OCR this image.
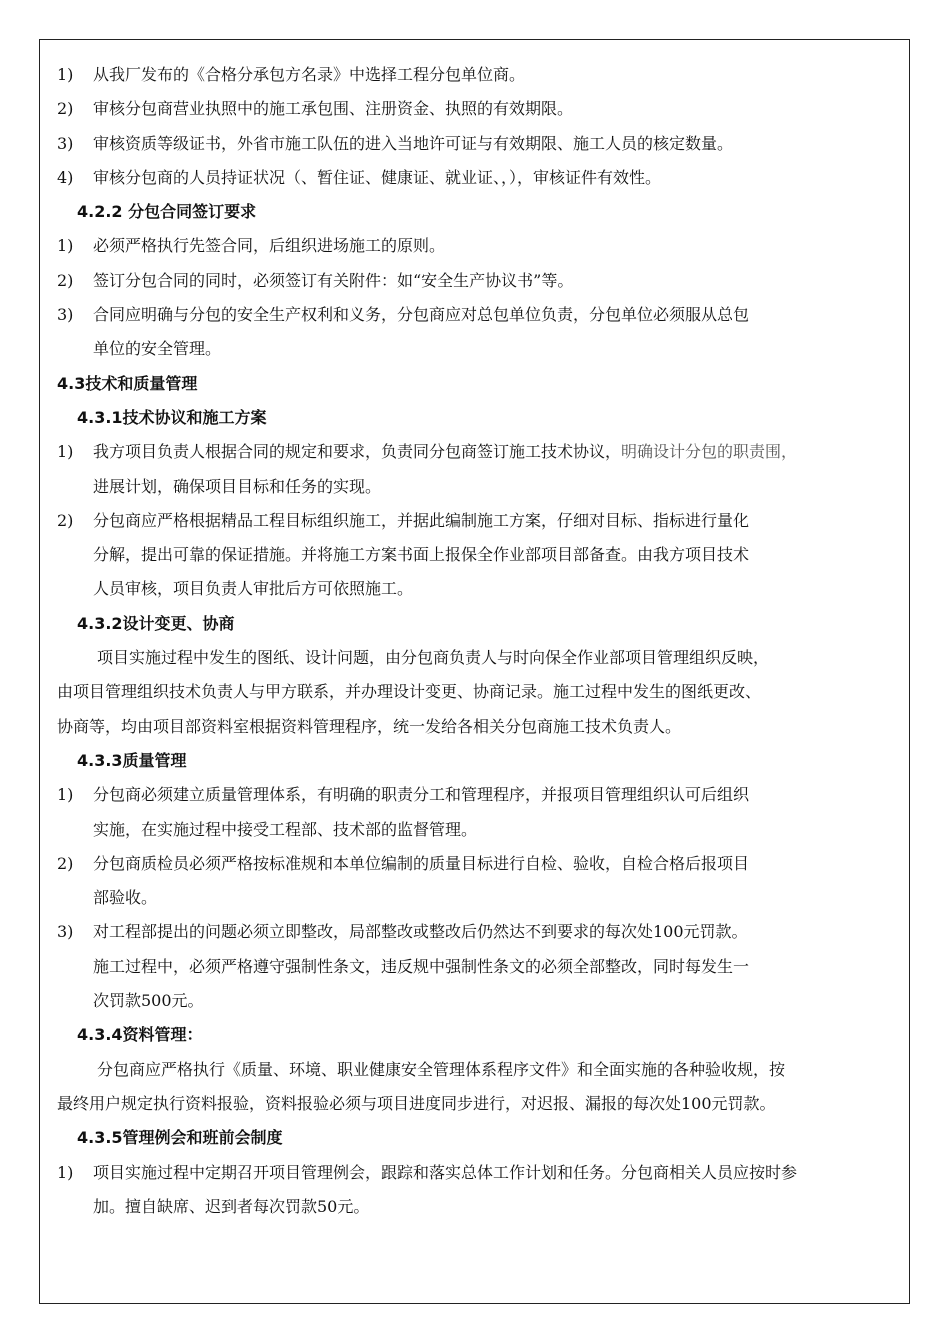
1)	从我厂发布的《合格分承包方名录》中选择工程分包单位商。
2)	审核分包商营业执照中的施工承包围、注册资金、执照的有效期限。
3)	审核资质等级证书，外省市施工队伍的进入当地许可证与有效期限、施工人员的核定数量。
4)	审核分包商的人员持证状况（、暂住证、健康证、就业证、，），审核证件有效性。
4.2.2 分包合同签订要求
1)	必须严格执行先签合同，后组织进场施工的原则。
2)	签订分包合同的同时，必须签订有关附件：如“安全生产协议书”等。
3)	合同应明确与分包的安全生产权利和义务，分包商应对总包单位负责，分包单位必须服从总包
单位的安全管理。
4.3技术和质量管理
4.3.1技术协议和施工方案
1)	我方项目负责人根据合同的规定和要求，负责同分包商签订施工技术协议，明确设计分包的职责围，
进展计划，确保项目目标和任务的实现。
2)	分包商应严格根据精品工程目标组织施工，并据此编制施工方案，仔细对目标、指标进行量化
分解，提出可靠的保证措施。并将施工方案书面上报保全作业部项目部备查。由我方项目技术
人员审核，项目负责人审批后方可依照施工。
4.3.2设计变更、协商
项目实施过程中发生的图纸、设计问题，由分包商负责人与时向保全作业部项目管理组织反映，
由项目管理组织技术负责人与甲方联系，并办理设计变更、协商记录。施工过程中发生的图纸更改、
协商等，均由项目部资料室根据资料管理程序，统一发给各相关分包商施工技术负责人。
4.3.3质量管理
1)	分包商必须建立质量管理体系，有明确的职责分工和管理程序，并报项目管理组织认可后组织
实施，在实施过程中接受工程部、技术部的监督管理。
2)	分包商质检员必须严格按标准规和本单位编制的质量目标进行自检、验收，自检合格后报项目
部验收。
3)	对工程部提出的问题必须立即整改，局部整改或整改后仍然达不到要求的每次处100元罚款。
施工过程中，必须严格遵守强制性条文，违反规中强制性条文的必须全部整改，同时每发生一
次罚款500元。
4.3.4资料管理：
分包商应严格执行《质量、环境、职业健康安全管理体系程序文件》和全面实施的各种验收规，按
最终用户规定执行资料报验，资料报验必须与项目进度同步进行，对迟报、漏报的每次处100元罚款。
4.3.5管理例会和班前会制度
1)	项目实施过程中定期召开项目管理例会，跟踪和落实总体工作计划和任务。分包商相关人员应按时参
加。擅自缺席、迟到者每次罚款50元。
